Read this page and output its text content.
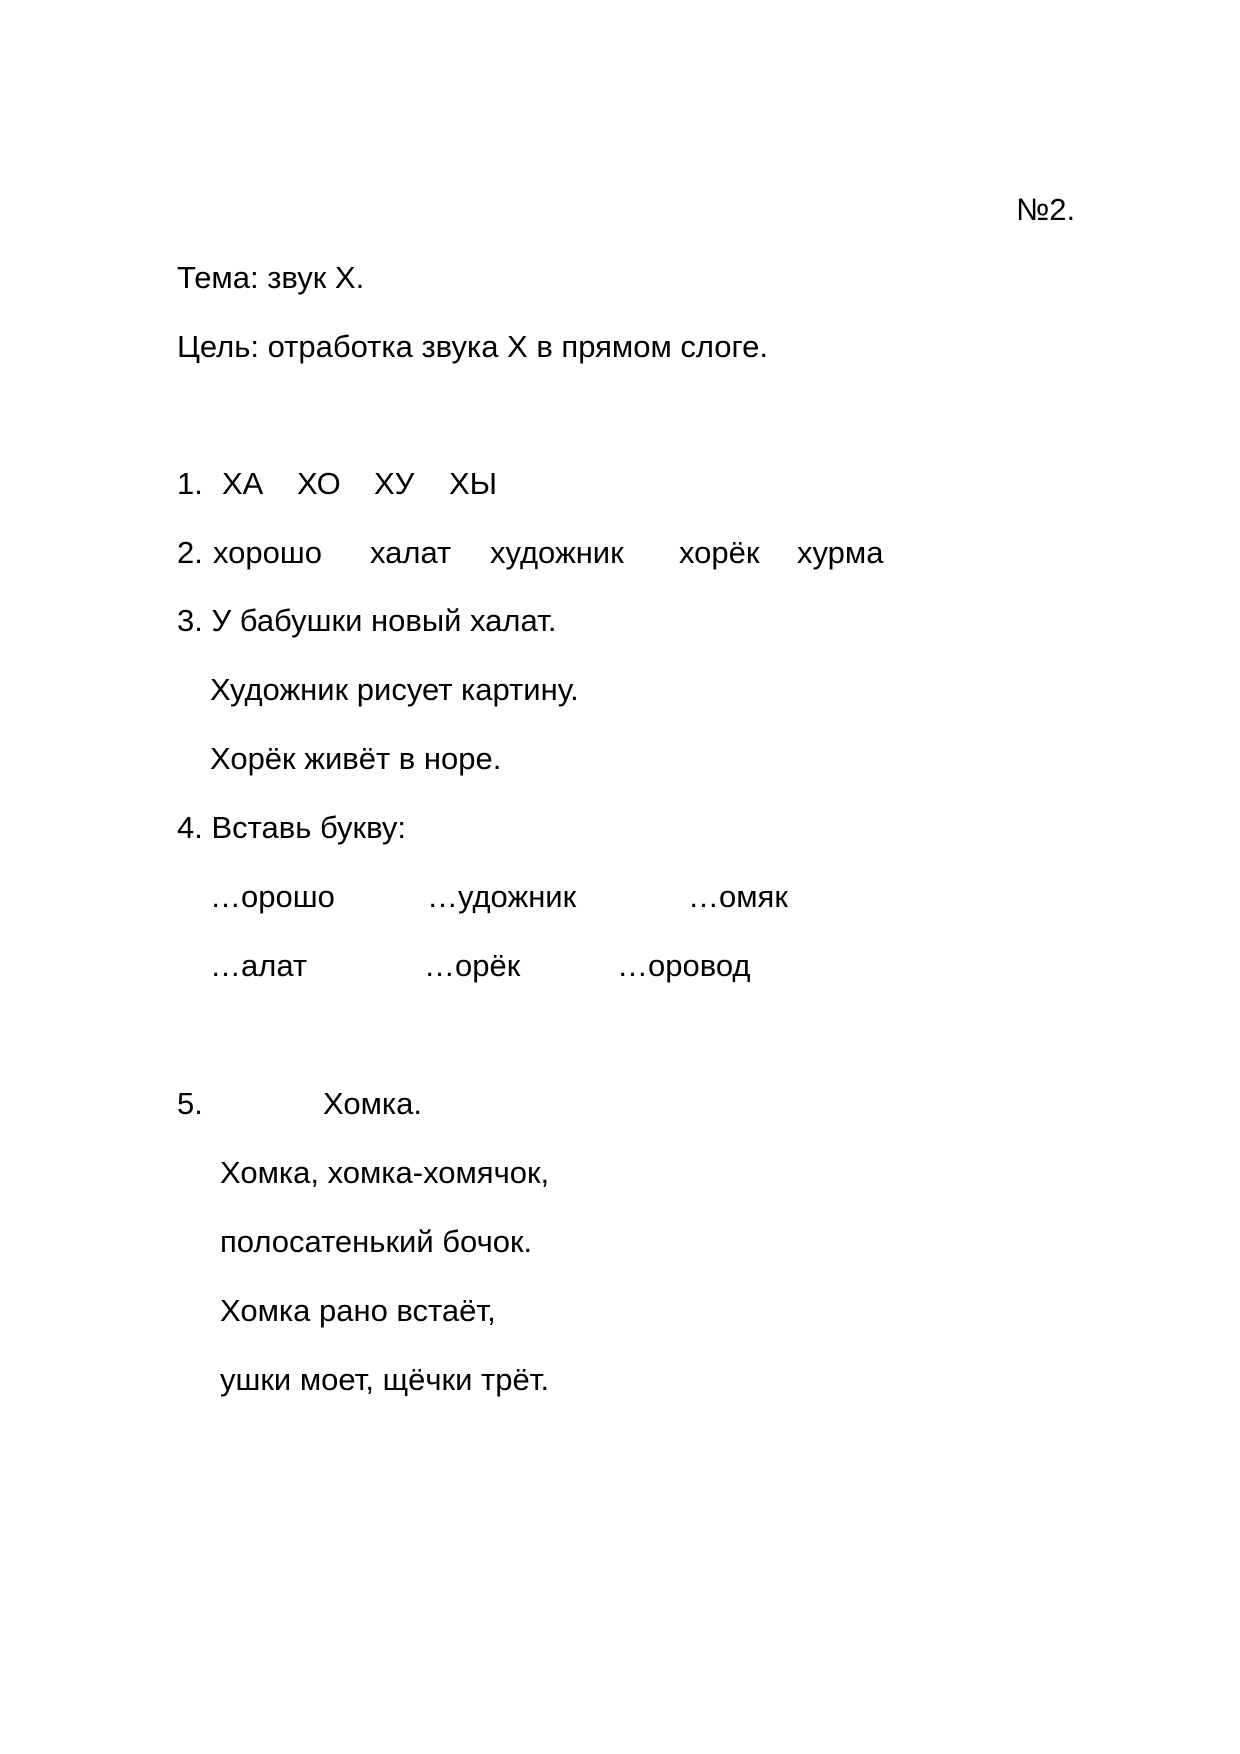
№2.
Тема: звук Х.
Цель: отработка звука Х в прямом слоге.
1. ХА ХО ХУ ХЫ
2. хорошо халат художник хорёк хурма
3. У бабушки новый халат.
Художник рисует картину.
Хорёк живёт в норе.
4. Вставь букву:
…орошо	…удожник	…омяк
…алат	…орёк	…оровод
5.	Хомка.
Хомка, хомка-хомячок,
полосатенький бочок.
Хомка рано встаёт,
ушки моет, щёчки трёт.
